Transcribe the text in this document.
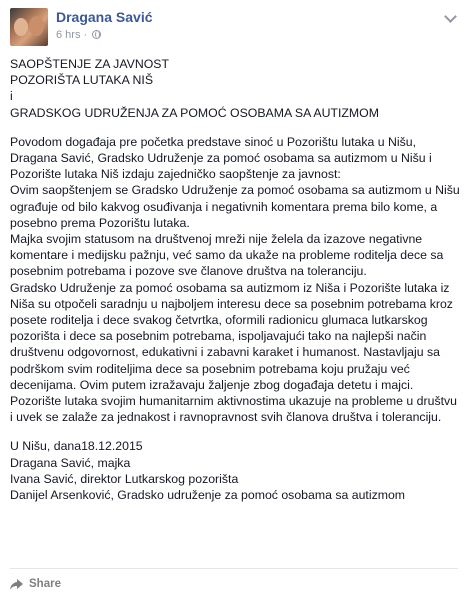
Dragana Savić
6 hrs ·

SAOPŠTENJE ZA JAVNOST

POZORIŠTA LUTAKA NIŠ

i

GRADSKOG UDRUŽENJA ZA POMOĆ OSOBAMA SA AUTIZMOM

Povodom događaja pre početka predstave sinoć u Pozorištu lutaka u Nišu, Dragana Savić, Gradsko Udruženje za pomoć osobama sa autizmom u Nišu i Pozorište lutaka Niš izdaju zajedničko saopštenje za javnost:

Ovim saopštenjem se Gradsko Udruženje za pomoć osobama sa autizmom u Nišu ograđuje od bilo kakvog osuđivanja i negativnih komentara prema bilo kome, a posebno prema Pozorištu lutaka.

Majka svojim statusom na društvenoj mreži nije želela da izazove negativne komentare i medijsku pažnju, već samo da ukaže na probleme roditelja dece sa posebnim potrebama i pozove sve članove društva na toleranciju.

Gradsko Udruženje za pomoć osobama sa autizmom iz Niša i Pozorište lutaka iz Niša su otpočeli saradnju u najboljem interesu dece sa posebnim potrebama kroz posete roditelja i dece svakog četvrtka, oformili radionicu glumaca lutkarskog pozorišta i dece sa posebnim potrebama, ispoljavajući tako na najlepši način društvenu odgovornost, edukativni i zabavni karaket i humanost. Nastavljaju sa podrškom svim roditeljima dece sa posebnim potrebama koju pružaju već decenijama. Ovim putem izražavaju žaljenje zbog događaja detetu i majci.

Pozorište lutaka svojim humanitarnim aktivnostima ukazuje na probleme u društvu i uvek se zalaže za jednakost i ravnopravnost svih članova društva i toleranciju.

U Nišu, dana18.12.2015

Dragana Savić, majka

Ivana Savić, direktor Lutkarskog pozorišta

Danijel Arsenković, Gradsko udruženje za pomoć osobama sa autizmom

Share
